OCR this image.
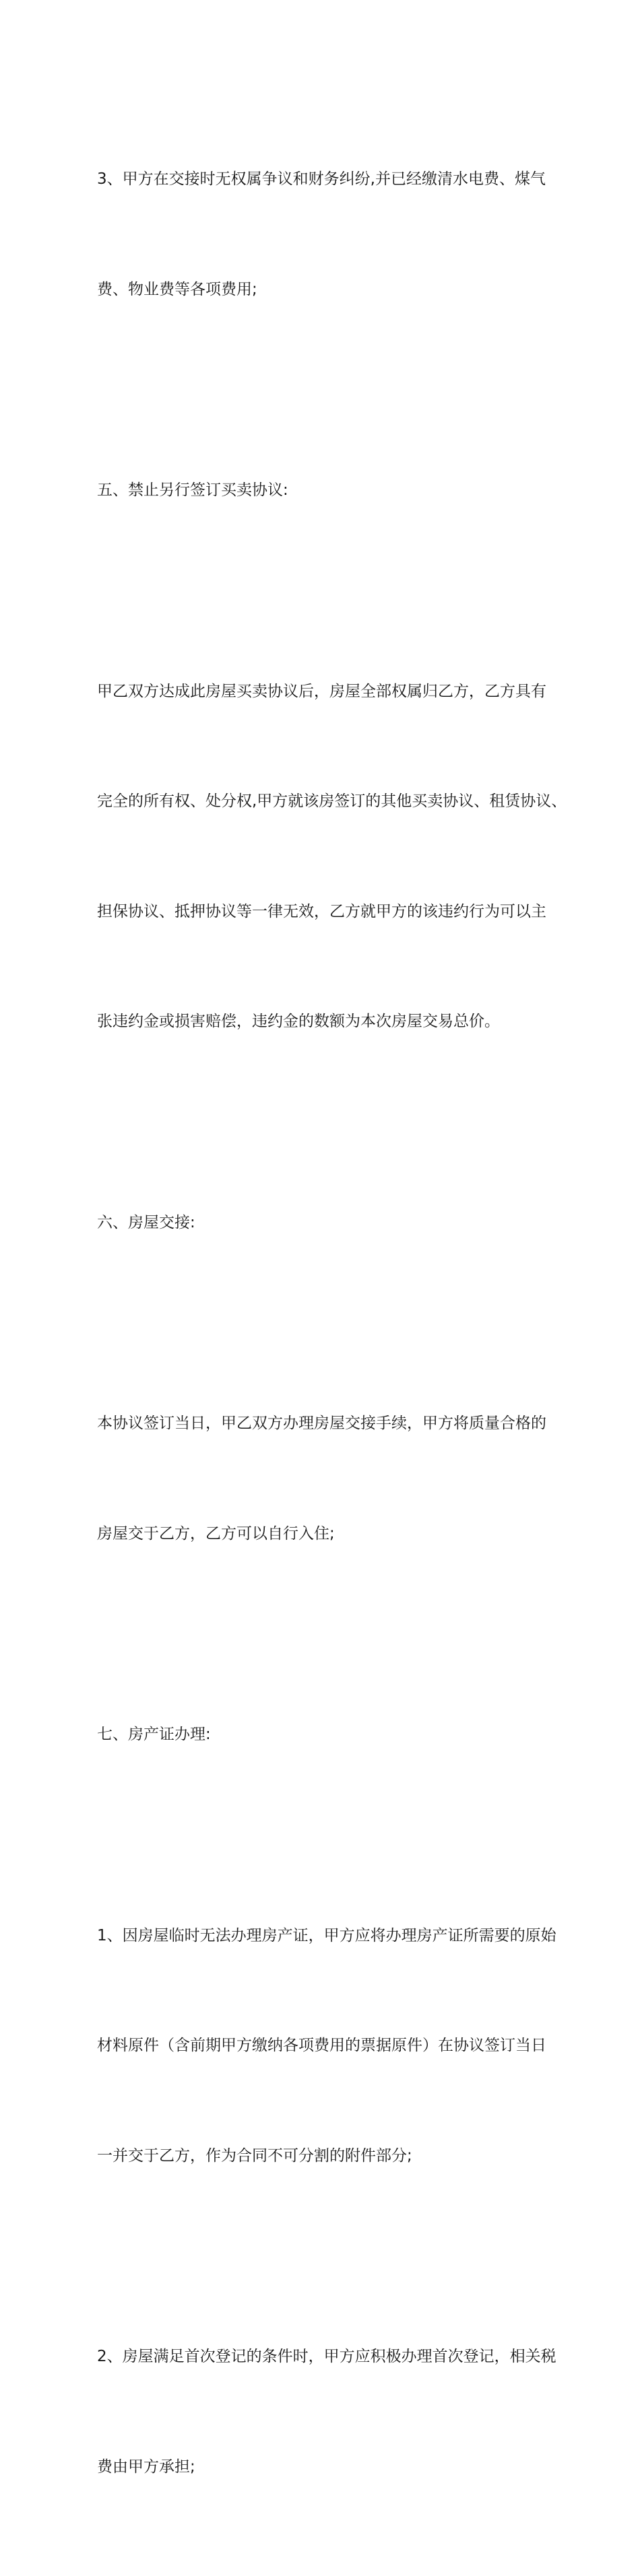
3、甲方在交接时无权属争议和财务纠纷,并已经缴清水电费、煤气

费、物业费等各项费用;

五、禁止另行签订买卖协议:

甲乙双方达成此房屋买卖协议后，房屋全部权属归乙方，乙方具有

完全的所有权、处分权,甲方就该房签订的其他买卖协议、租赁协议、

担保协议、抵押协议等一律无效，乙方就甲方的该违约行为可以主

张违约金或损害赔偿，违约金的数额为本次房屋交易总价。

六、房屋交接:

本协议签订当日，甲乙双方办理房屋交接手续，甲方将质量合格的

房屋交于乙方，乙方可以自行入住;

七、房产证办理:

1、因房屋临时无法办理房产证，甲方应将办理房产证所需要的原始

材料原件（含前期甲方缴纳各项费用的票据原件）在协议签订当日

一并交于乙方，作为合同不可分割的附件部分;

2、房屋满足首次登记的条件时，甲方应积极办理首次登记，相关税

费由甲方承担;
